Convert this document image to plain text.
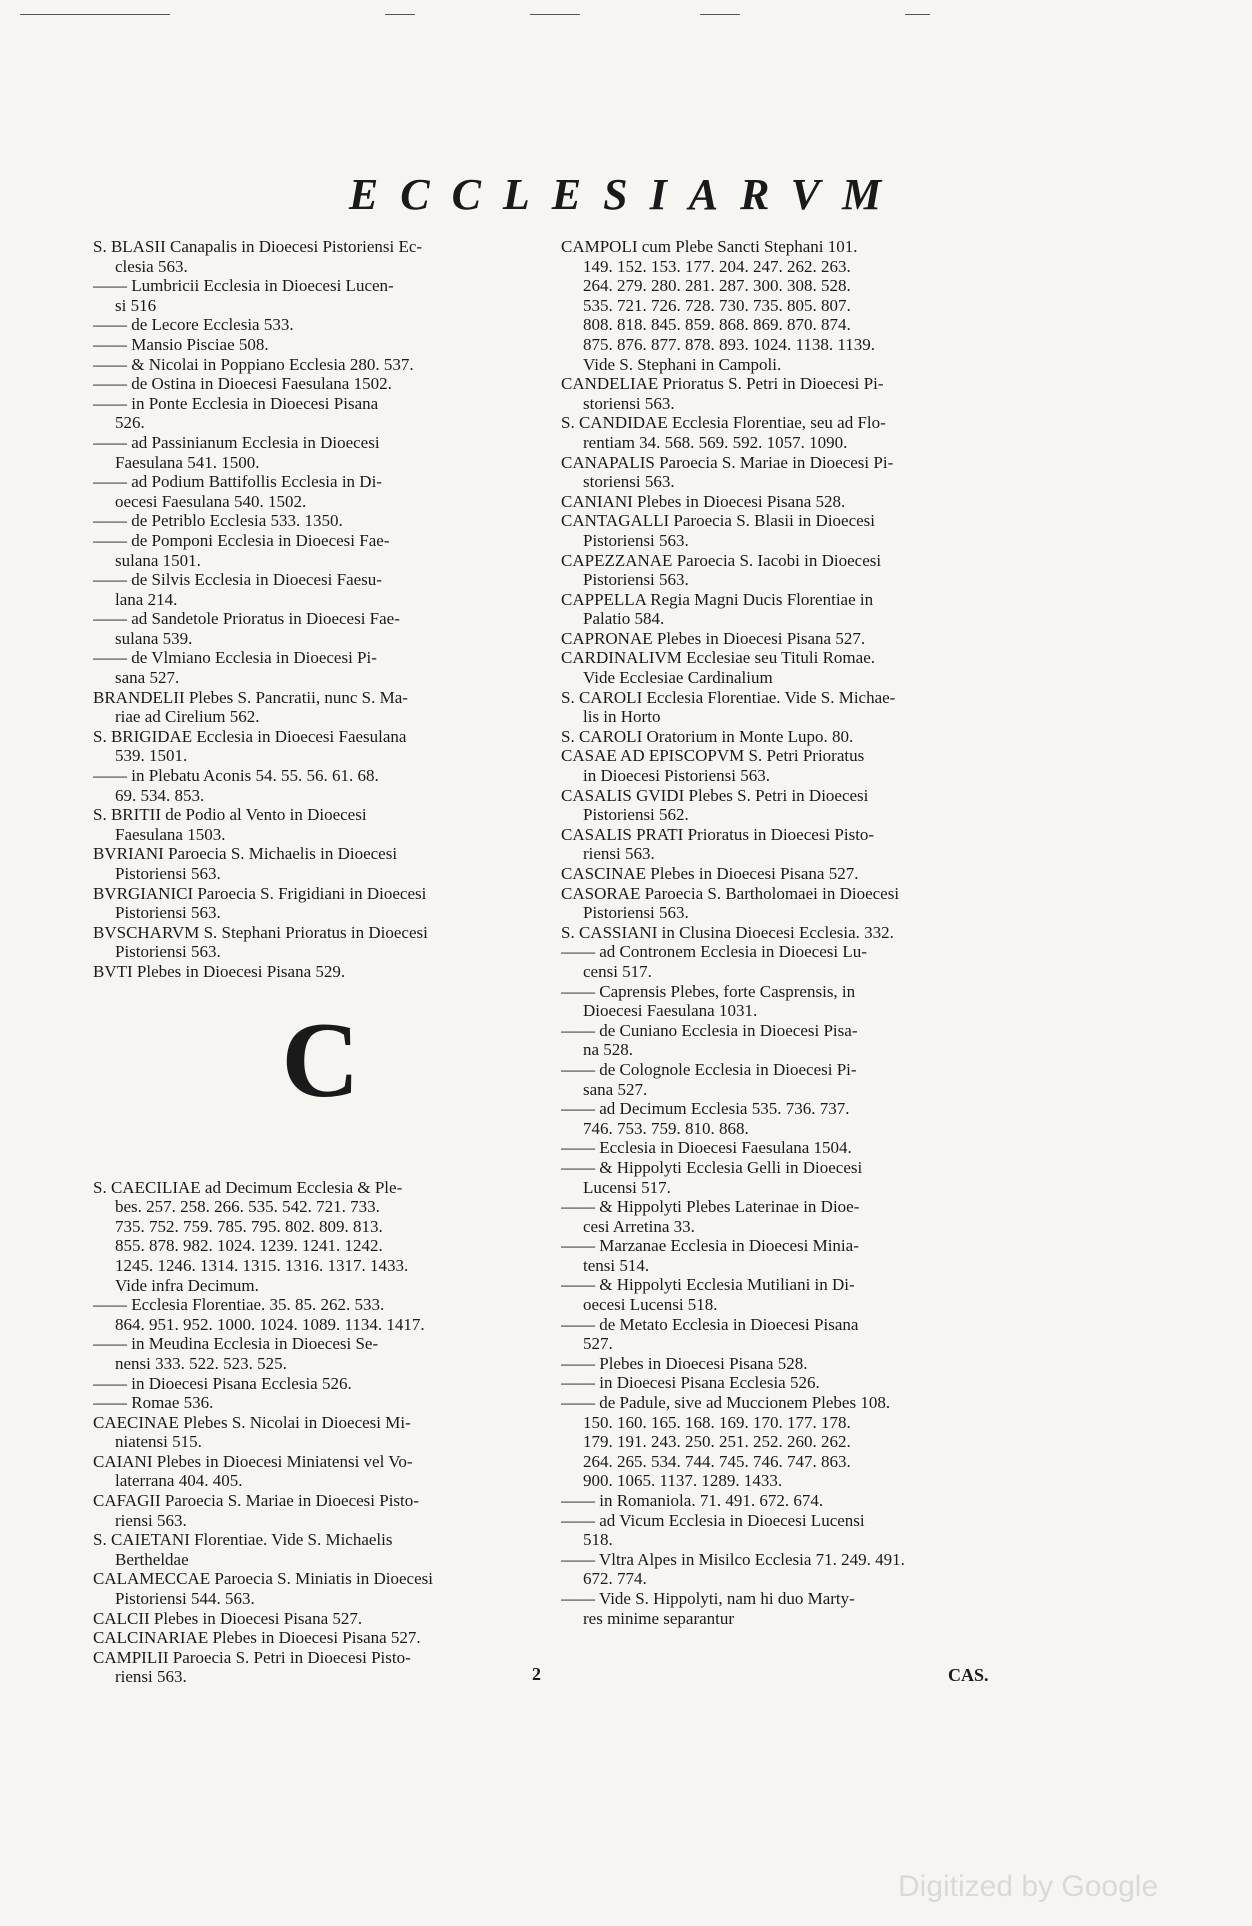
ECCLESIARVM
S. BLASII Canapalis in Dioecesi Pistoriensi Ec-
clesia 563.
—— Lumbricii Ecclesia in Dioecesi Lucen-
si 516
—— de Lecore Ecclesia 533.
—— Mansio Pisciae 508.
—— & Nicolai in Poppiano Ecclesia 280. 537.
—— de Ostina in Dioecesi Faesulana 1502.
—— in Ponte Ecclesia in Dioecesi Pisana
526.
—— ad Passinianum Ecclesia in Dioecesi
Faesulana 541. 1500.
—— ad Podium Battifollis Ecclesia in Di-
oecesi Faesulana 540. 1502.
—— de Petriblo Ecclesia 533. 1350.
—— de Pomponi Ecclesia in Dioecesi Fae-
sulana 1501.
—— de Silvis Ecclesia in Dioecesi Faesu-
lana 214.
—— ad Sandetole Prioratus in Dioecesi Fae-
sulana 539.
—— de Vlmiano Ecclesia in Dioecesi Pi-
sana 527.
BRANDELII Plebes S. Pancratii, nunc S. Ma-
riae ad Cirelium 562.
S. BRIGIDAE Ecclesia in Dioecesi Faesulana
539. 1501.
—— in Plebatu Aconis 54. 55. 56. 61. 68.
69. 534. 853.
S. BRITII de Podio al Vento in Dioecesi
Faesulana 1503.
BVRIANI Paroecia S. Michaelis in Dioecesi
Pistoriensi 563.
BVRGIANICI Paroecia S. Frigidiani in Dioecesi
Pistoriensi 563.
BVSCHARVM S. Stephani Prioratus in Dioecesi
Pistoriensi 563.
BVTI Plebes in Dioecesi Pisana 529.
C
S. CAECILIAE ad Decimum Ecclesia & Ple-
bes. 257. 258. 266. 535. 542. 721. 733.
735. 752. 759. 785. 795. 802. 809. 813.
855. 878. 982. 1024. 1239. 1241. 1242.
1245. 1246. 1314. 1315. 1316. 1317. 1433.
Vide infra Decimum.
—— Ecclesia Florentiae. 35. 85. 262. 533.
864. 951. 952. 1000. 1024. 1089. 1134. 1417.
—— in Meudina Ecclesia in Dioecesi Se-
nensi 333. 522. 523. 525.
—— in Dioecesi Pisana Ecclesia 526.
—— Romae 536.
CAECINAE Plebes S. Nicolai in Dioecesi Mi-
niatensi 515.
CAIANI Plebes in Dioecesi Miniatensi vel Vo-
laterrana 404. 405.
CAFAGII Paroecia S. Mariae in Dioecesi Pisto-
riensi 563.
S. CAIETANI Florentiae. Vide S. Michaelis
Bertheldae
CALAMECCAE Paroecia S. Miniatis in Dioecesi
Pistoriensi 544. 563.
CALCII Plebes in Dioecesi Pisana 527.
CALCINARIAE Plebes in Dioecesi Pisana 527.
CAMPILII Paroecia S. Petri in Dioecesi Pisto-
riensi 563.
CAMPOLI cum Plebe Sancti Stephani 101.
149. 152. 153. 177. 204. 247. 262. 263.
264. 279. 280. 281. 287. 300. 308. 528.
535. 721. 726. 728. 730. 735. 805. 807.
808. 818. 845. 859. 868. 869. 870. 874.
875. 876. 877. 878. 893. 1024. 1138. 1139.
Vide S. Stephani in Campoli.
CANDELIAE Prioratus S. Petri in Dioecesi Pi-
storiensi 563.
S. CANDIDAE Ecclesia Florentiae, seu ad Flo-
rentiam 34. 568. 569. 592. 1057. 1090.
CANAPALIS Paroecia S. Mariae in Dioecesi Pi-
storiensi 563.
CANIANI Plebes in Dioecesi Pisana 528.
CANTAGALLI Paroecia S. Blasii in Dioecesi
Pistoriensi 563.
CAPEZZANAE Paroecia S. Iacobi in Dioecesi
Pistoriensi 563.
CAPPELLA Regia Magni Ducis Florentiae in
Palatio 584.
CAPRONAE Plebes in Dioecesi Pisana 527.
CARDINALIVM Ecclesiae seu Tituli Romae.
Vide Ecclesiae Cardinalium
S. CAROLI Ecclesia Florentiae. Vide S. Michae-
lis in Horto
S. CAROLI Oratorium in Monte Lupo. 80.
CASAE AD EPISCOPVM S. Petri Prioratus
in Dioecesi Pistoriensi 563.
CASALIS GVIDI Plebes S. Petri in Dioecesi
Pistoriensi 562.
CASALIS PRATI Prioratus in Dioecesi Pisto-
riensi 563.
CASCINAE Plebes in Dioecesi Pisana 527.
CASORAE Paroecia S. Bartholomaei in Dioecesi
Pistoriensi 563.
S. CASSIANI in Clusina Dioecesi Ecclesia. 332.
—— ad Contronem Ecclesia in Dioecesi Lu-
censi 517.
—— Caprensis Plebes, forte Casprensis, in
Dioecesi Faesulana 1031.
—— de Cuniano Ecclesia in Dioecesi Pisa-
na 528.
—— de Colognole Ecclesia in Dioecesi Pi-
sana 527.
—— ad Decimum Ecclesia 535. 736. 737.
746. 753. 759. 810. 868.
—— Ecclesia in Dioecesi Faesulana 1504.
—— & Hippolyti Ecclesia Gelli in Dioecesi
Lucensi 517.
—— & Hippolyti Plebes Laterinae in Dioe-
cesi Arretina 33.
—— Marzanae Ecclesia in Dioecesi Minia-
tensi 514.
—— & Hippolyti Ecclesia Mutiliani in Di-
oecesi Lucensi 518.
—— de Metato Ecclesia in Dioecesi Pisana
527.
—— Plebes in Dioecesi Pisana 528.
—— in Dioecesi Pisana Ecclesia 526.
—— de Padule, sive ad Muccionem Plebes 108.
150. 160. 165. 168. 169. 170. 177. 178.
179. 191. 243. 250. 251. 252. 260. 262.
264. 265. 534. 744. 745. 746. 747. 863.
900. 1065. 1137. 1289. 1433.
—— in Romaniola. 71. 491. 672. 674.
—— ad Vicum Ecclesia in Dioecesi Lucensi
518.
—— Vltra Alpes in Misilco Ecclesia 71. 249. 491.
672. 774.
—— Vide S. Hippolyti, nam hi duo Marty-
res minime separantur
2	CAS.
Digitized by Google
